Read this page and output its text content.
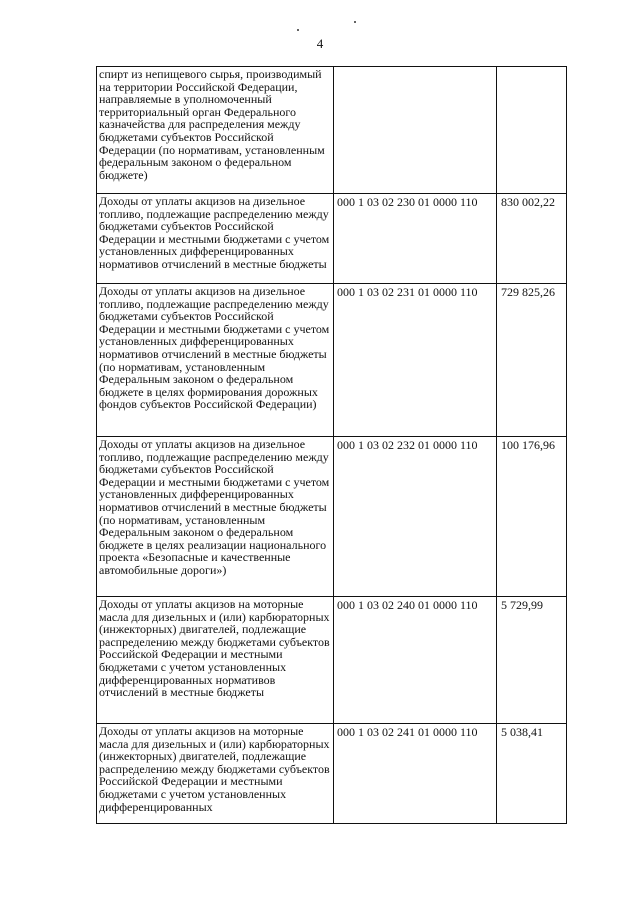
4
спирт из непищевого сырья, производимый на территории Российской Федерации, направляемые в уполномоченный территориальный орган Федерального казначейства для распределения между бюджетами субъектов Российской Федерации (по нормативам, установленным федеральным законом о федеральном бюджете)		
Доходы от уплаты акцизов на дизельное топливо, подлежащие распределению между бюджетами субъектов Российской Федерации и местными бюджетами с учетом установленных дифференцированных нормативов отчислений в местные бюджеты	000 1 03 02 230 01 0000 110	830 002,22
Доходы от уплаты акцизов на дизельное топливо, подлежащие распределению между бюджетами субъектов Российской Федерации и местными бюджетами с учетом установленных дифференцированных нормативов отчислений в местные бюджеты (по нормативам, установленным Федеральным законом о федеральном бюджете в целях формирования дорожных фондов субъектов Российской Федерации)	000 1 03 02 231 01 0000 110	729 825,26
Доходы от уплаты акцизов на дизельное топливо, подлежащие распределению между бюджетами субъектов Российской Федерации и местными бюджетами с учетом установленных дифференцированных нормативов отчислений в местные бюджеты (по нормативам, установленным Федеральным законом о федеральном бюджете в целях реализации национального проекта «Безопасные и качественные автомобильные дороги»)	000 1 03 02 232 01 0000 110	100 176,96
Доходы от уплаты акцизов на моторные масла для дизельных и (или) карбюраторных (инжекторных) двигателей, подлежащие распределению между бюджетами субъектов Российской Федерации и местными бюджетами с учетом установленных дифференцированных нормативов отчислений в местные бюджеты	000 1 03 02 240 01 0000 110	5 729,99
Доходы от уплаты акцизов на моторные масла для дизельных и (или) карбюраторных (инжекторных) двигателей, подлежащие распределению между бюджетами субъектов Российской Федерации и местными бюджетами с учетом установленных дифференцированных	000 1 03 02 241 01 0000 110	5 038,41
